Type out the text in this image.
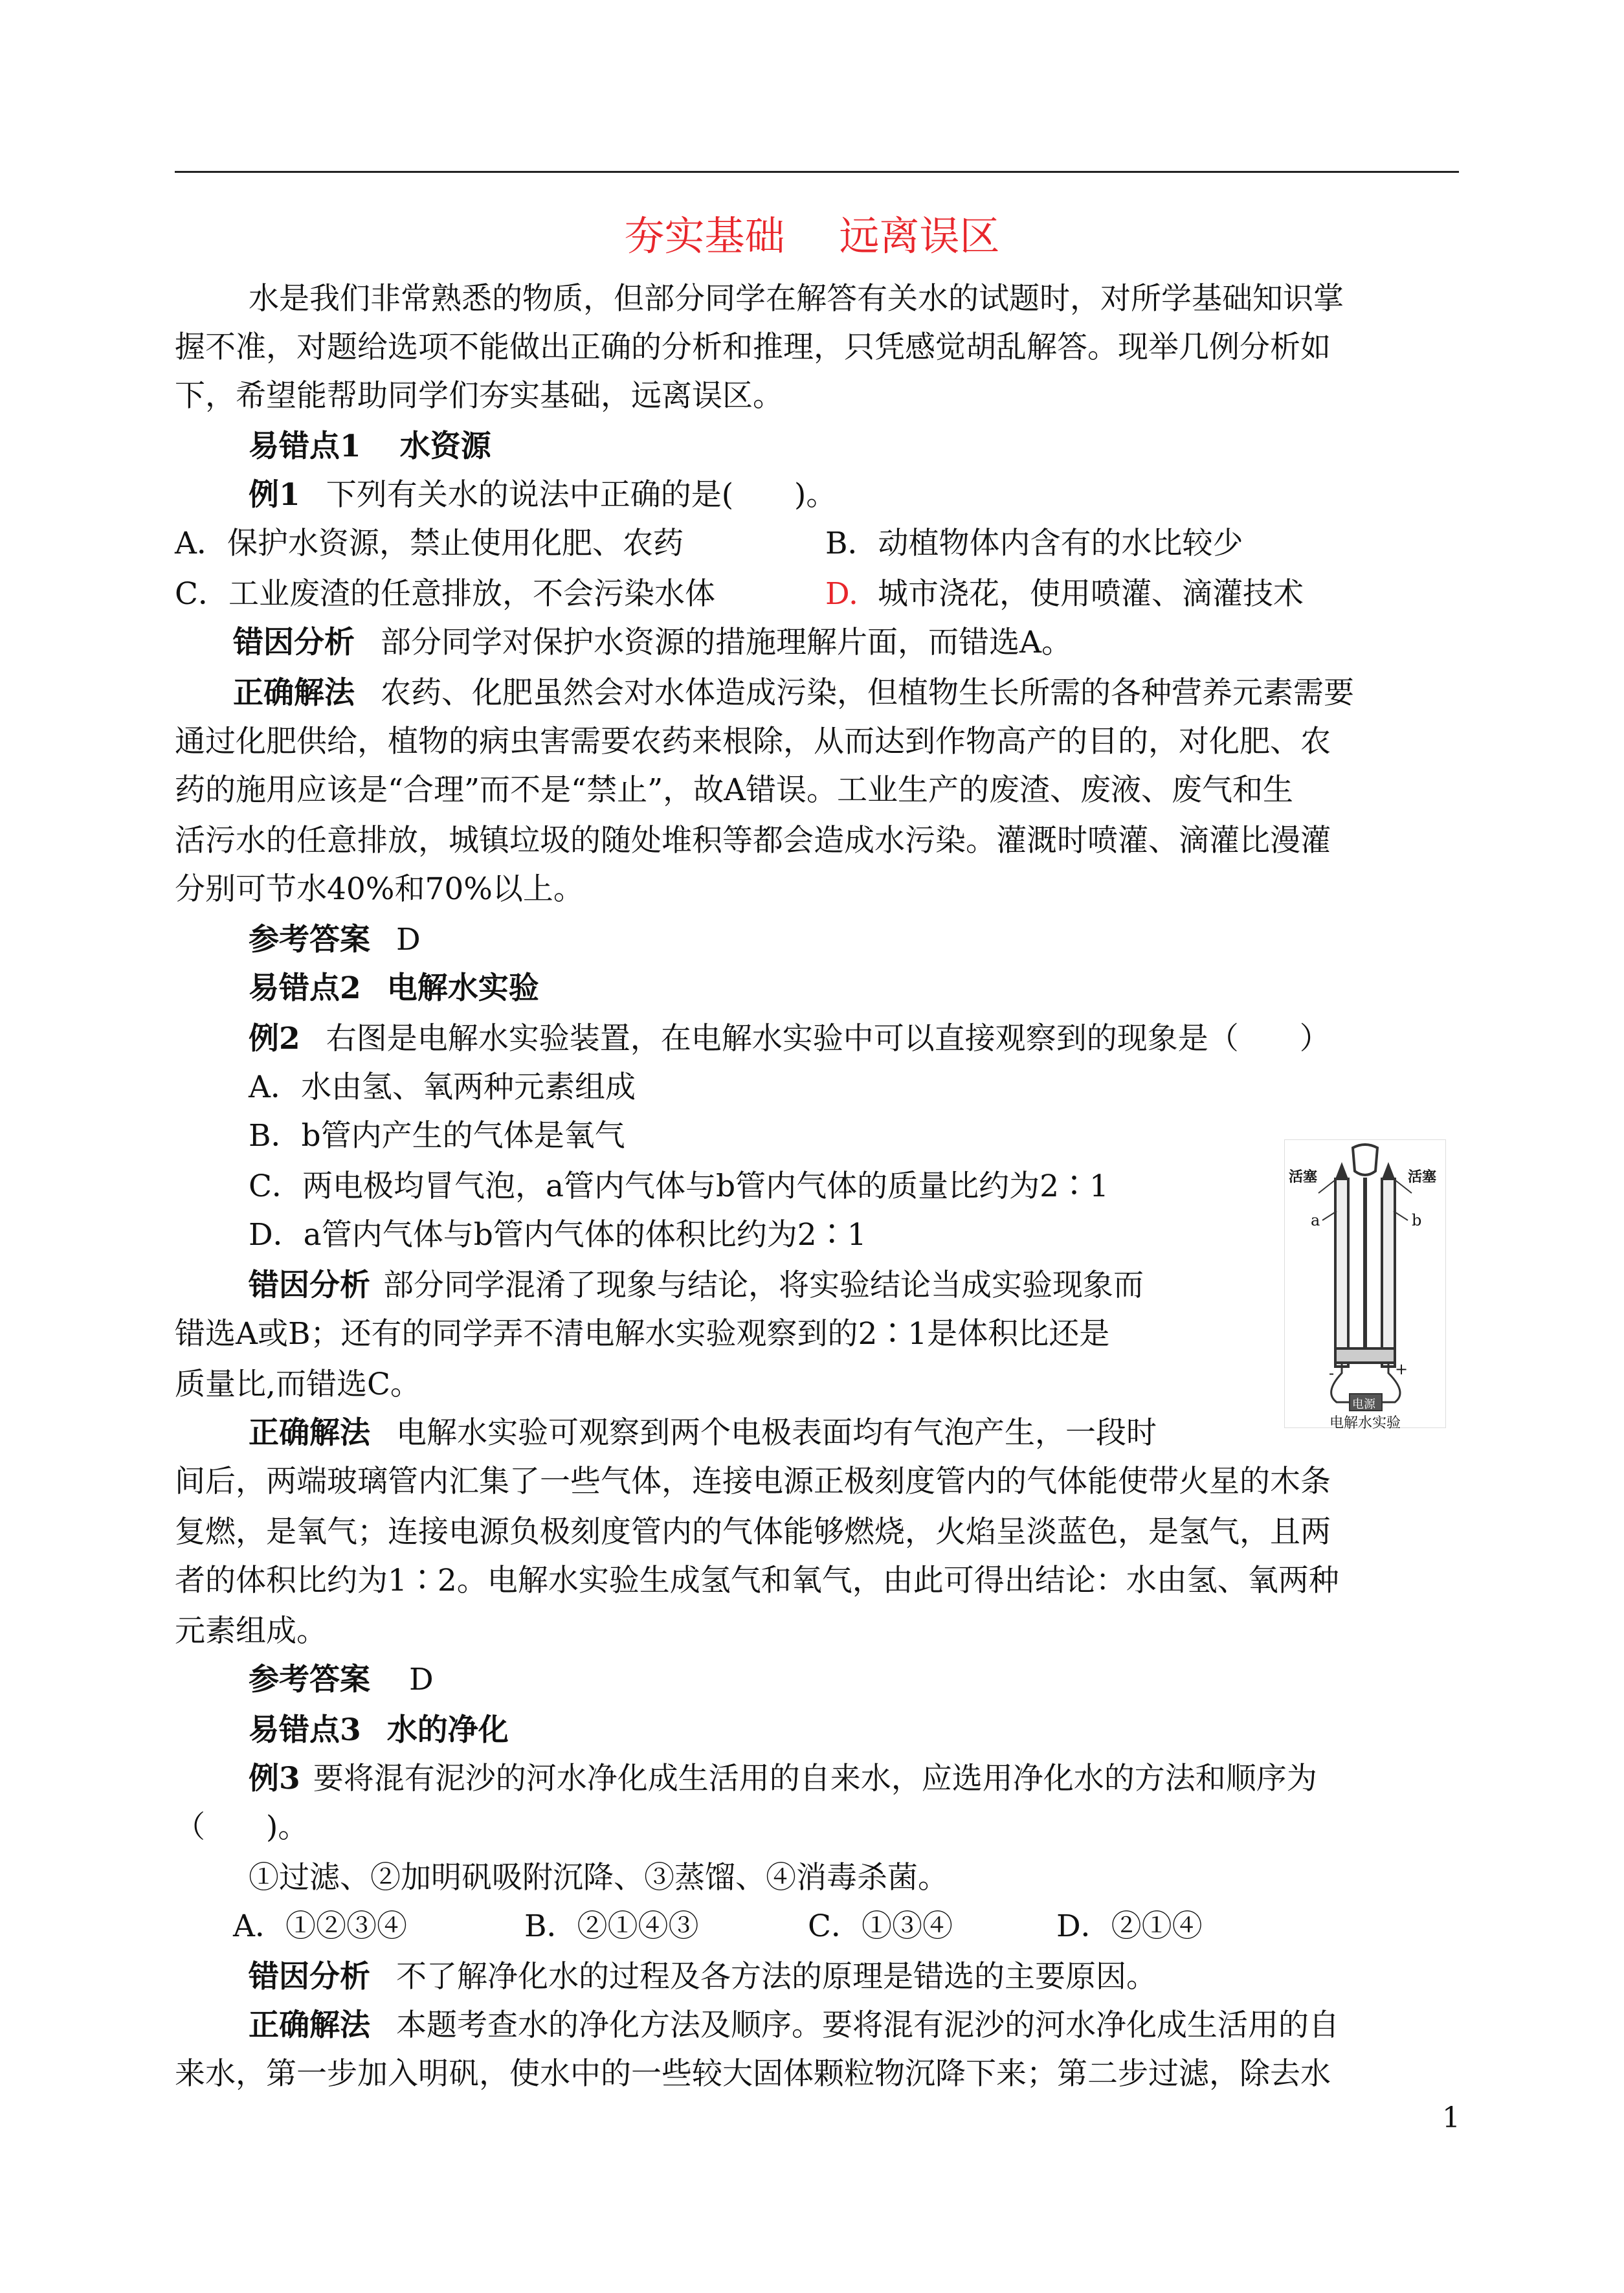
夯实基础 远离误区
水是我们非常熟悉的物质，但部分同学在解答有关水的试题时，对所学基础知识掌
握不准，对题给选项不能做出正确的分析和推理，只凭感觉胡乱解答。现举几例分析如
下，希望能帮助同学们夯实基础，远离误区。
易错点1 水资源
例1 下列有关水的说法中正确的是(　　)。
A．保护水资源，禁止使用化肥、农药	B．动植物体内含有的水比较少
C．工业废渣的任意排放，不会污染水体	D. 城市浇花，使用喷灌、滴灌技术
错因分析 部分同学对保护水资源的措施理解片面，而错选A。
正确解法 农药、化肥虽然会对水体造成污染，但植物生长所需的各种营养元素需要
通过化肥供给，植物的病虫害需要农药来根除，从而达到作物高产的目的，对化肥、农
药的施用应该是“合理”而不是“禁止”，故A错误。工业生产的废渣、废液、废气和生
活污水的任意排放，城镇垃圾的随处堆积等都会造成水污染。灌溉时喷灌、滴灌比漫灌
分别可节水40%和70%以上。
参考答案 D
易错点2 电解水实验
例2 右图是电解水实验装置，在电解水实验中可以直接观察到的现象是（　　）
A．水由氢、氧两种元素组成
B．b管内产生的气体是氧气
C．两电极均冒气泡，a管内气体与b管内气体的质量比约为2∶1
D．a管内气体与b管内气体的体积比约为2∶1
错因分析 部分同学混淆了现象与结论，将实验结论当成实验现象而
错选A或B；还有的同学弄不清电解水实验观察到的2∶1是体积比还是
质量比,而错选C。
正确解法 电解水实验可观察到两个电极表面均有气泡产生，一段时
间后，两端玻璃管内汇集了一些气体，连接电源正极刻度管内的气体能使带火星的木条
复燃，是氧气；连接电源负极刻度管内的气体能够燃烧，火焰呈淡蓝色，是氢气，且两
者的体积比约为1∶2。电解水实验生成氢气和氧气，由此可得出结论：水由氢、氧两种
元素组成。
参考答案 D
活塞	活塞
a	b
-	+
电源
电解水实验
易错点3 水的净化
例3 要将混有泥沙的河水净化成生活用的自来水，应选用净化水的方法和顺序为
（　　)。
①过滤、②加明矾吸附沉降、③蒸馏、④消毒杀菌。
A．①②③④	B．②①④③	C．①③④	D．②①④
错因分析 不了解净化水的过程及各方法的原理是错选的主要原因。
正确解法 本题考查水的净化方法及顺序。要将混有泥沙的河水净化成生活用的自
来水，第一步加入明矾，使水中的一些较大固体颗粒物沉降下来；第二步过滤，除去水
1
